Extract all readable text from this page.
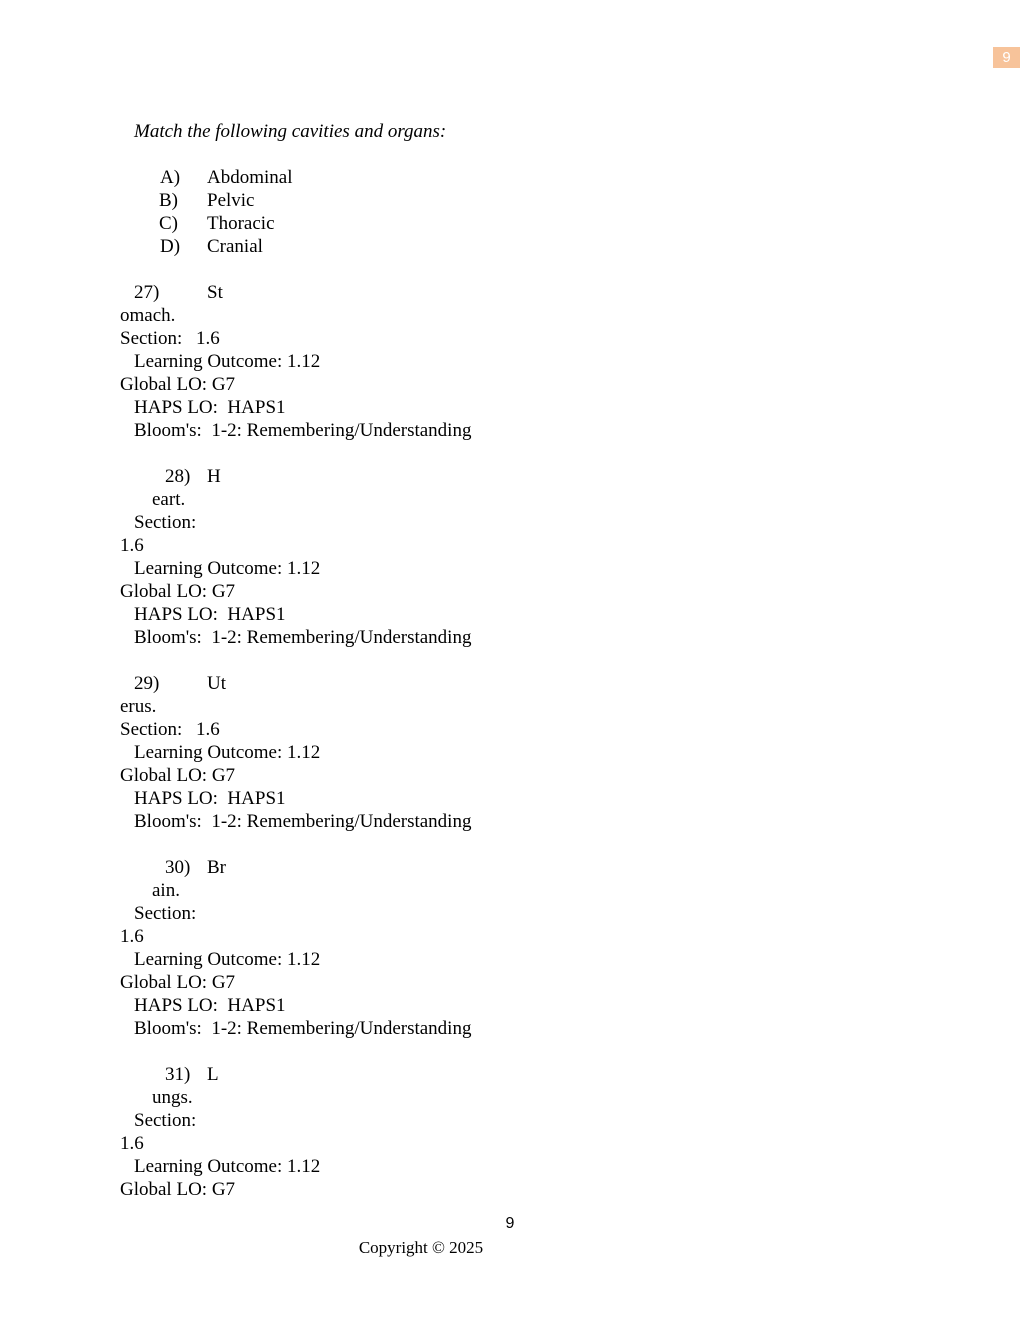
9
Match the following cavities and organs:
A) Abdominal
B) Pelvic
C) Thoracic
D) Cranial
27)	St
omach.
Section: 1.6
Learning Outcome: 1.12
Global LO: G7
HAPS LO:  HAPS1
Bloom's:  1-2: Remembering/Understanding
28) H
eart.
Section:
1.6
Learning Outcome: 1.12
Global LO: G7
HAPS LO:  HAPS1
Bloom's:  1-2: Remembering/Understanding
29)	Ut
erus.
Section: 1.6
Learning Outcome: 1.12
Global LO: G7
HAPS LO:  HAPS1
Bloom's:  1-2: Remembering/Understanding
30) Br
ain.
Section:
1.6
Learning Outcome: 1.12
Global LO: G7
HAPS LO:  HAPS1
Bloom's:  1-2: Remembering/Understanding
31) L
ungs.
Section:
1.6
Learning Outcome: 1.12
Global LO: G7
9
Copyright © 2025
